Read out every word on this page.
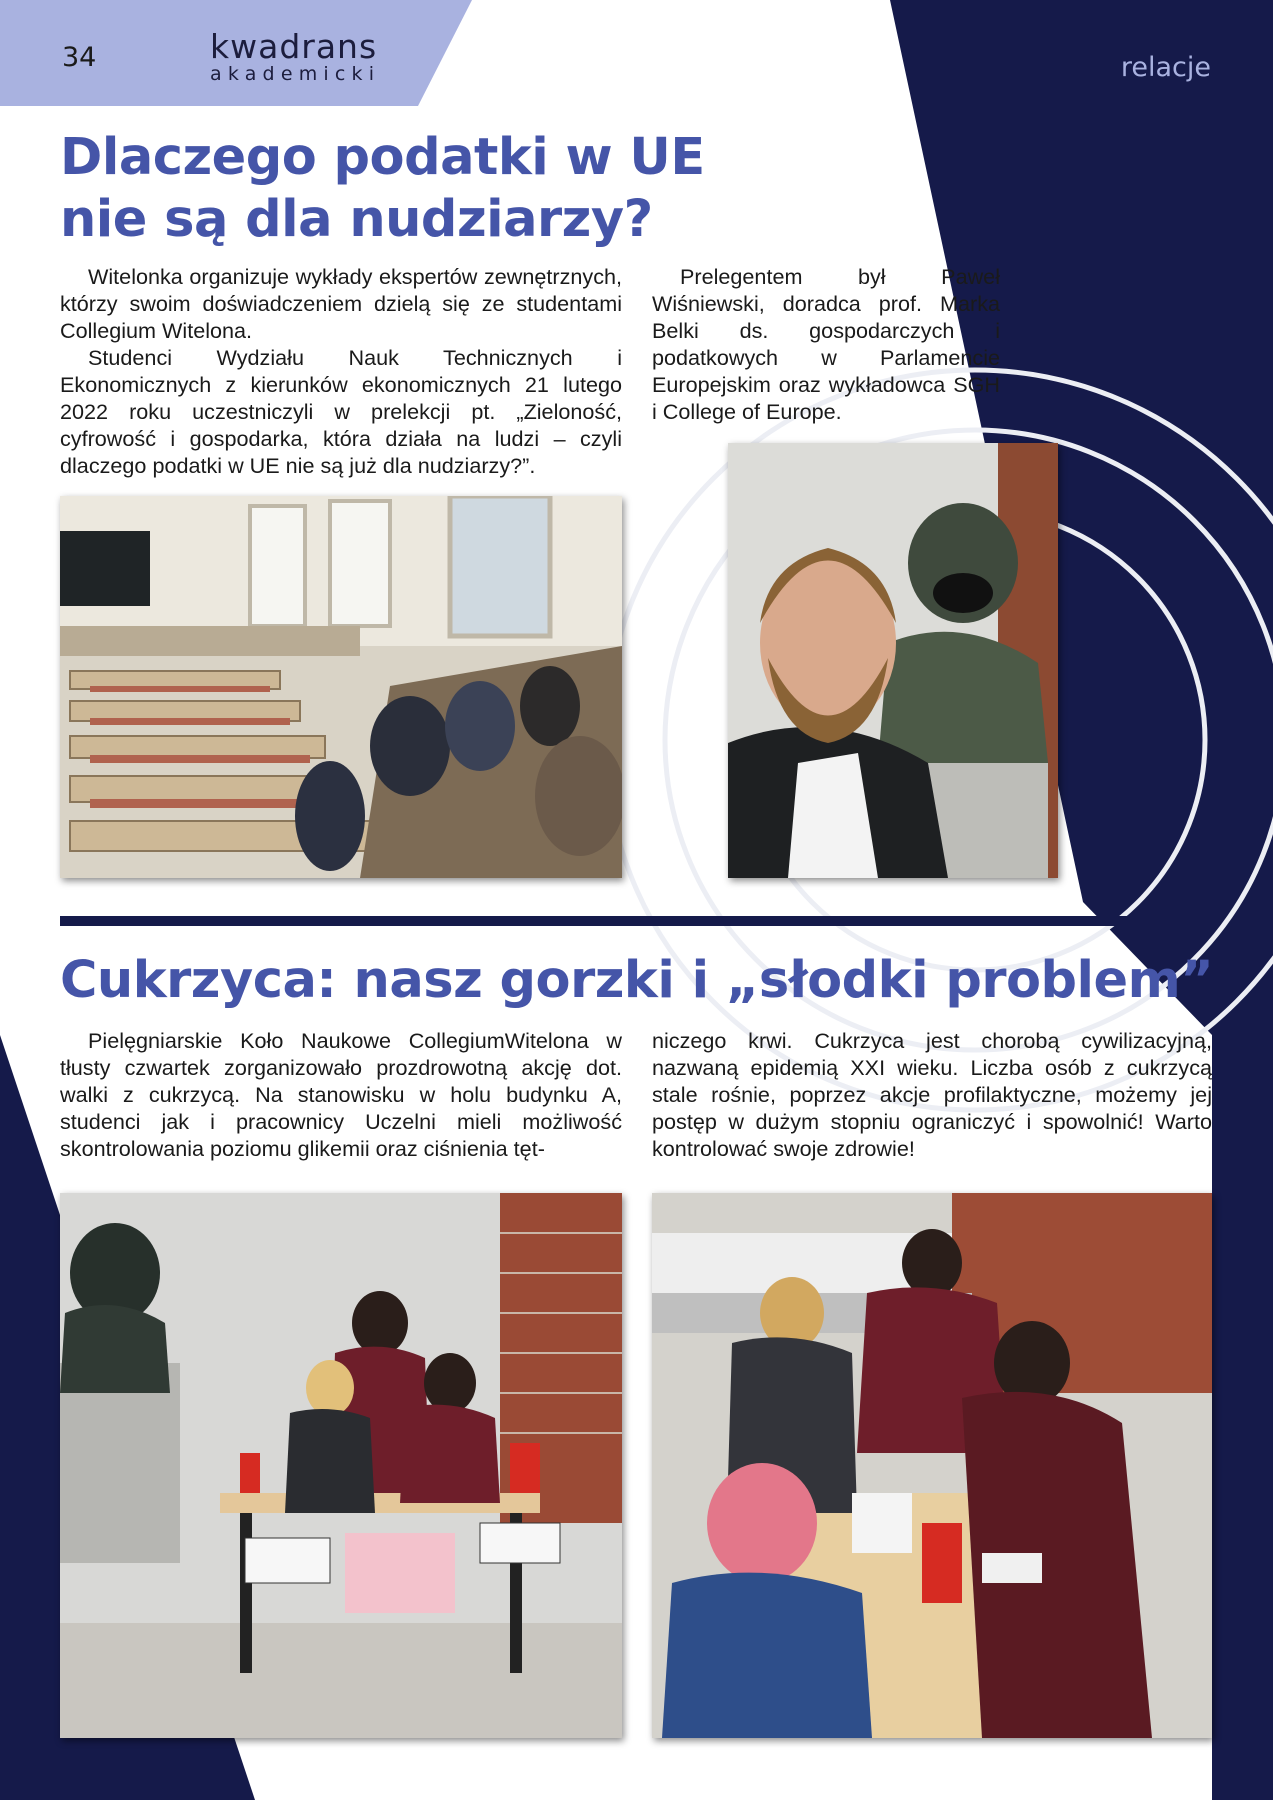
34	kwadrans
akademicki	relacje
Dlaczego podatki w UE
nie są dla nudziarzy?

Witelonka organizuje wykłady ekspertów zewnętrznych, którzy swoim doświadczeniem dzielą się ze studentami Collegium Witelona.

Studenci Wydziału Nauk Technicznych i Ekonomicznych z kierunków ekonomicznych 21 lutego 2022 roku uczestniczyli w prelekcji pt. „Zieloność, cyfrowość i gospodarka, która działa na ludzi – czyli dlaczego podatki w UE nie są już dla nudziarzy?”.

Prelegentem był Paweł Wiśniewski, doradca prof. Marka Belki ds. gospodarczych i podatkowych w Parlamencie Europejskim oraz wykładowca SGH i College of Europe.

Cukrzyca: nasz gorzki i „słodki problem”

Pielęgniarskie Koło Naukowe CollegiumWitelona w tłusty czwartek zorganizowało prozdrowotną akcję dot. walki z cukrzycą. Na stanowisku w holu budynku A, studenci jak i pracownicy Uczelni mieli możliwość skontrolowania poziomu glikemii oraz ciśnienia tęt-

niczego krwi. Cukrzyca jest chorobą cywilizacyjną, nazwaną epidemią XXI wieku. Liczba osób z cukrzycą stale rośnie, poprzez akcje profilaktyczne, możemy jej postęp w dużym stopniu ograniczyć i spowolnić! Warto kontrolować swoje zdrowie!
